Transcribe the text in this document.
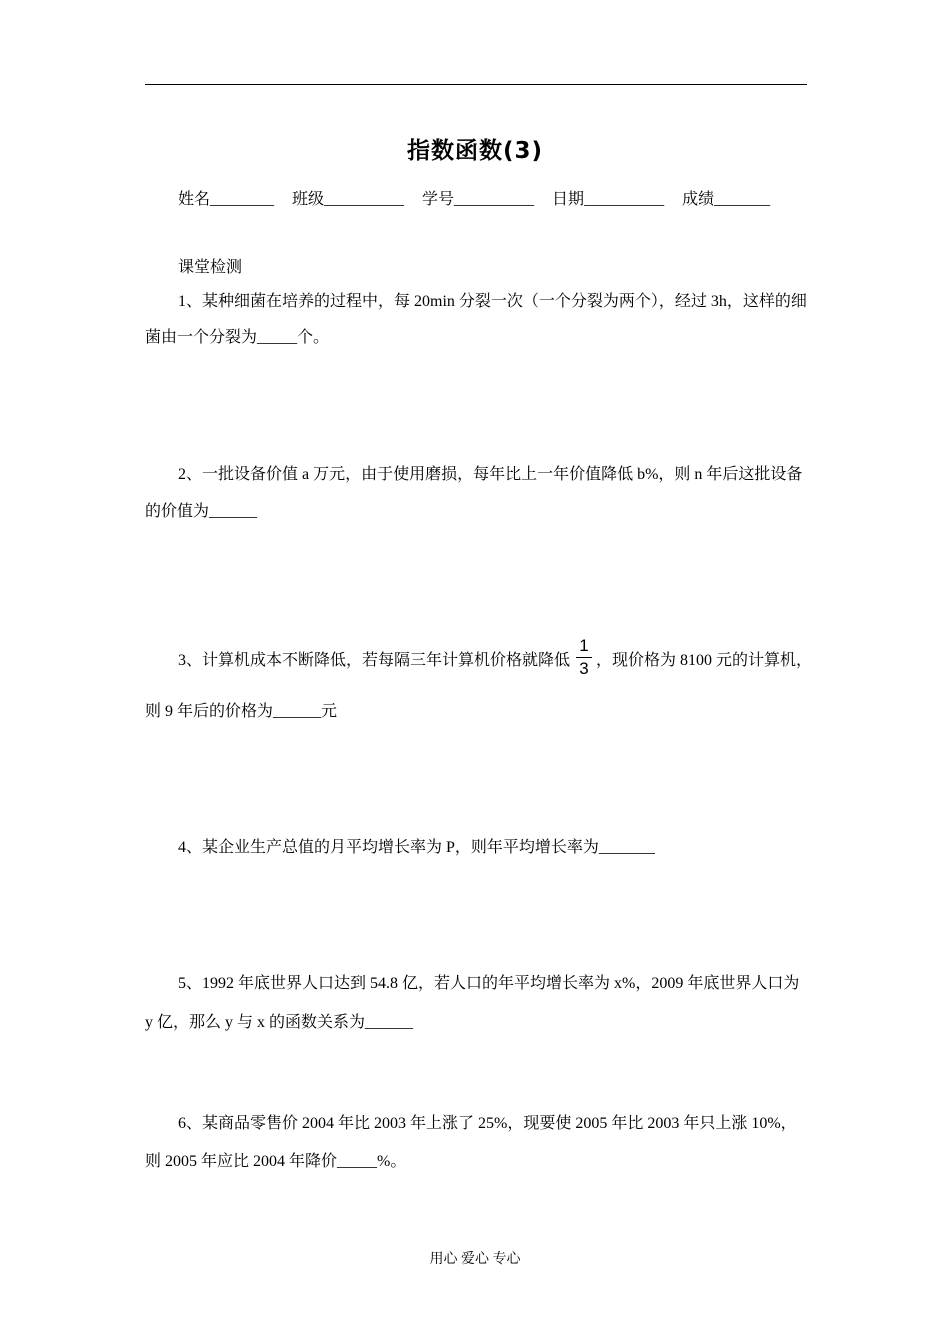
指数函数(3)
姓名________ 班级__________ 学号__________ 日期__________ 成绩_______
课堂检测
1、某种细菌在培养的过程中，每 20min 分裂一次（一个分裂为两个），经过 3h，这样的细
菌由一个分裂为_____个。
2、一批设备价值 a 万元，由于使用磨损，每年比上一年价值降低 b%，则 n 年后这批设备
的价值为______
3、计算机成本不断降低，若每隔三年计算机价格就降低
1
3 ，现价格为 8100 元的计算机，
则 9 年后的价格为______元
4、某企业生产总值的月平均增长率为 P，则年平均增长率为_______
5、1992 年底世界人口达到 54.8 亿，若人口的年平均增长率为 x%，2009 年底世界人口为
y 亿，那么 y 与 x 的函数关系为______
6、某商品零售价 2004 年比 2003 年上涨了 25%，现要使 2005 年比 2003 年只上涨 10%，
则 2005 年应比 2004 年降价_____%。
用心 爱心 专心
